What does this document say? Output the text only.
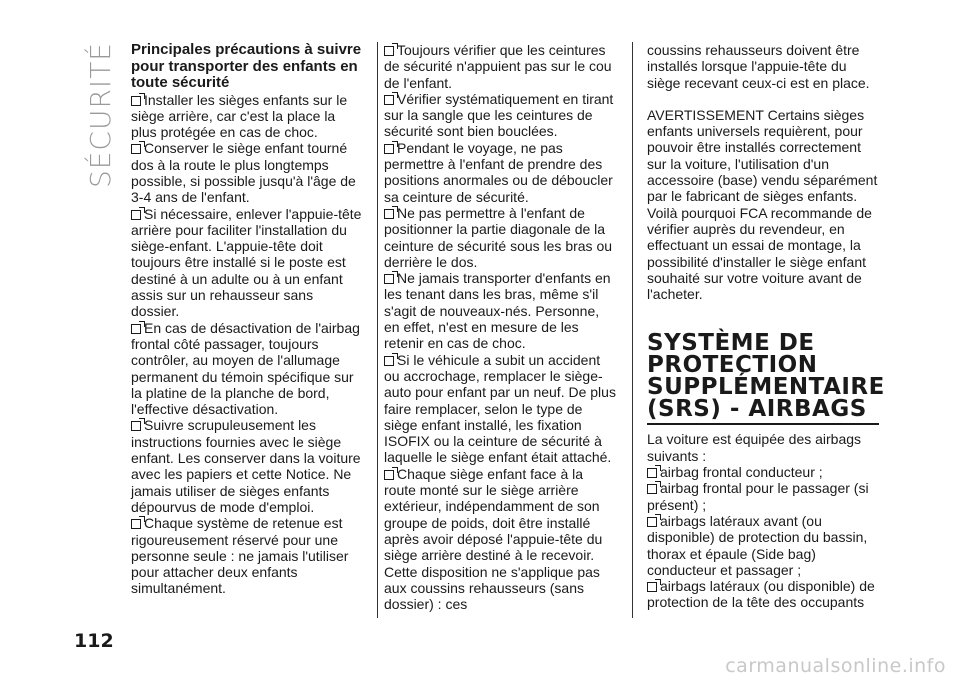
SÉCURITÉ Principales précautions à suivre pour transporter des enfants en toute sécurité

Installer les sièges enfants sur le siège arrière, car c'est la place la plus protégée en cas de choc.

Conserver le siège enfant tourné dos à la route le plus longtemps possible, si possible jusqu'à l'âge de 3-4 ans de l'enfant.

Si nécessaire, enlever l'appuie-tête arrière pour faciliter l'installation du siège-enfant. L'appuie-tête doit toujours être installé si le poste est destiné à un adulte ou à un enfant assis sur un rehausseur sans dossier.

En cas de désactivation de l'airbag frontal côté passager, toujours contrôler, au moyen de l'allumage permanent du témoin spécifique sur la platine de la planche de bord, l'effective désactivation.

Suivre scrupuleusement les instructions fournies avec le siège enfant. Les conserver dans la voiture avec les papiers et cette Notice. Ne jamais utiliser de sièges enfants dépourvus de mode d'emploi.

Chaque système de retenue est rigoureusement réservé pour une personne seule : ne jamais l'utiliser pour attacher deux enfants simultanément.

Toujours vérifier que les ceintures de sécurité n'appuient pas sur le cou de l'enfant.

Vérifier systématiquement en tirant sur la sangle que les ceintures de sécurité sont bien bouclées.

Pendant le voyage, ne pas permettre à l'enfant de prendre des positions anormales ou de déboucler sa ceinture de sécurité.

Ne pas permettre à l'enfant de positionner la partie diagonale de la ceinture de sécurité sous les bras ou derrière le dos.

Ne jamais transporter d'enfants en les tenant dans les bras, même s'il s'agit de nouveaux-nés. Personne, en effet, n'est en mesure de les retenir en cas de choc.

Si le véhicule a subit un accident ou accrochage, remplacer le siège-auto pour enfant par un neuf. De plus faire remplacer, selon le type de siège enfant installé, les fixation ISOFIX ou la ceinture de sécurité à laquelle le siège enfant était attaché.

Chaque siège enfant face à la route monté sur le siège arrière extérieur, indépendamment de son groupe de poids, doit être installé après avoir déposé l'appuie-tête du siège arrière destiné à le recevoir. Cette disposition ne s'applique pas aux coussins rehausseurs (sans dossier) : ces

coussins rehausseurs doivent être installés lorsque l'appuie-tête du siège recevant ceux-ci est en place.

AVERTISSEMENT Certains sièges enfants universels requièrent, pour pouvoir être installés correctement sur la voiture, l'utilisation d'un accessoire (base) vendu séparément par le fabricant de sièges enfants. Voilà pourquoi FCA recommande de vérifier auprès du revendeur, en effectuant un essai de montage, la possibilité d'installer le siège enfant souhaité sur votre voiture avant de l'acheter.

SYSTÈME DE PROTECTION SUPPLÉMENTAIRE (SRS) - AIRBAGS

La voiture est équipée des airbags suivants :

airbag frontal conducteur ;

airbag frontal pour le passager (si présent) ;

airbags latéraux avant (ou disponible) de protection du bassin, thorax et épaule (Side bag) conducteur et passager ;

airbags latéraux (ou disponible) de protection de la tête des occupants

112
carmanualsonline.info
